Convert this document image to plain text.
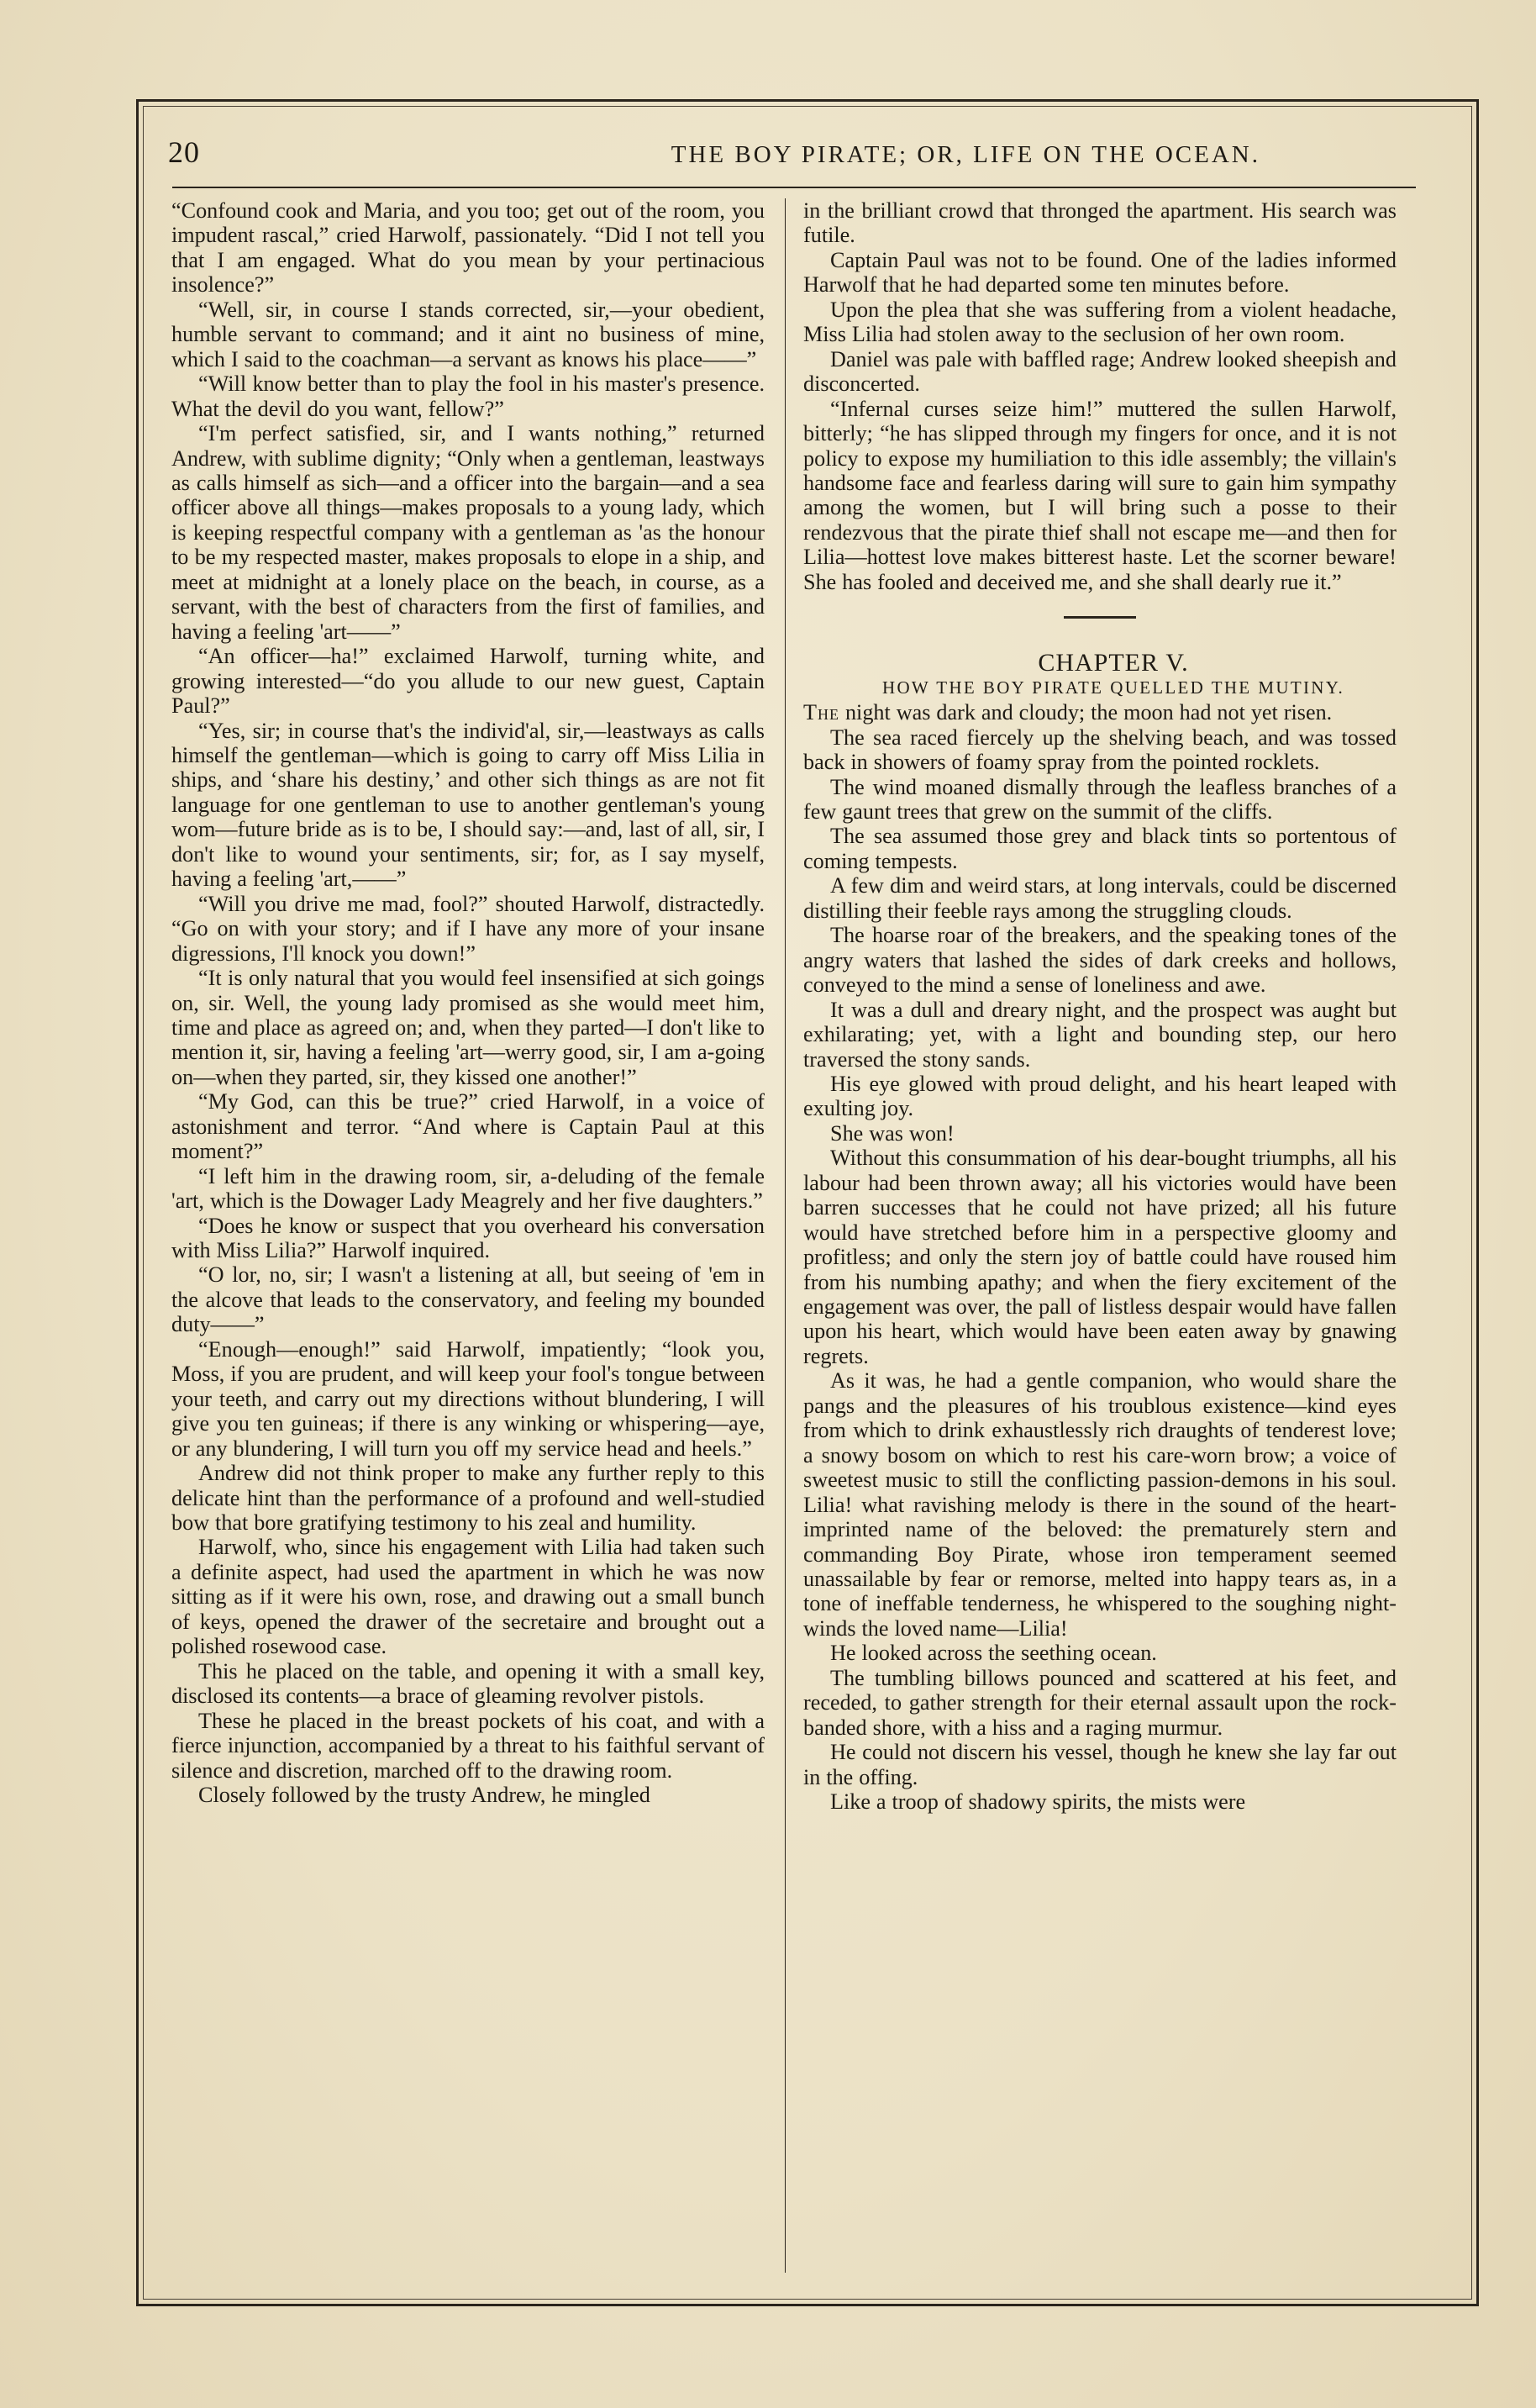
20	THE BOY PIRATE; OR, LIFE ON THE OCEAN.

“Confound cook and Maria, and you too; get out of the room, you impudent rascal,” cried Harwolf, passionately. “Did I not tell you that I am engaged. What do you mean by your pertinacious insolence?”

“Well, sir, in course I stands corrected, sir,—your obedient, humble servant to command; and it aint no business of mine, which I said to the coachman—a servant as knows his place——”

“Will know better than to play the fool in his master's presence. What the devil do you want, fellow?”

“I'm perfect satisfied, sir, and I wants nothing,” returned Andrew, with sublime dignity; “Only when a gentleman, leastways as calls himself as sich—and a officer into the bargain—and a sea officer above all things—makes proposals to a young lady, which is keeping respectful company with a gentleman as 'as the honour to be my respected master, makes proposals to elope in a ship, and meet at midnight at a lonely place on the beach, in course, as a servant, with the best of characters from the first of families, and having a feeling 'art——”

“An officer—ha!” exclaimed Harwolf, turning white, and growing interested—“do you allude to our new guest, Captain Paul?”

“Yes, sir; in course that's the individ'al, sir,—leastways as calls himself the gentleman—which is going to carry off Miss Lilia in ships, and ‘share his destiny,’ and other sich things as are not fit language for one gentleman to use to another gentleman's young wom—future bride as is to be, I should say:—and, last of all, sir, I don't like to wound your sentiments, sir; for, as I say myself, having a feeling 'art,——”

“Will you drive me mad, fool?” shouted Harwolf, distractedly. “Go on with your story; and if I have any more of your insane digressions, I'll knock you down!”

“It is only natural that you would feel insensified at sich goings on, sir. Well, the young lady promised as she would meet him, time and place as agreed on; and, when they parted—I don't like to mention it, sir, having a feeling 'art—werry good, sir, I am a-going on—when they parted, sir, they kissed one another!”

“My God, can this be true?” cried Harwolf, in a voice of astonishment and terror. “And where is Captain Paul at this moment?”

“I left him in the drawing room, sir, a-deluding of the female 'art, which is the Dowager Lady Meagrely and her five daughters.”

“Does he know or suspect that you overheard his conversation with Miss Lilia?” Harwolf inquired.

“O lor, no, sir; I wasn't a listening at all, but seeing of 'em in the alcove that leads to the conservatory, and feeling my bounded duty——”

“Enough—enough!” said Harwolf, impatiently; “look you, Moss, if you are prudent, and will keep your fool's tongue between your teeth, and carry out my directions without blundering, I will give you ten guineas; if there is any winking or whispering—aye, or any blundering, I will turn you off my service head and heels.”

Andrew did not think proper to make any further reply to this delicate hint than the performance of a profound and well-studied bow that bore gratifying testimony to his zeal and humility.

Harwolf, who, since his engagement with Lilia had taken such a definite aspect, had used the apartment in which he was now sitting as if it were his own, rose, and drawing out a small bunch of keys, opened the drawer of the secretaire and brought out a polished rosewood case.

This he placed on the table, and opening it with a small key, disclosed its contents—a brace of gleaming revolver pistols.

These he placed in the breast pockets of his coat, and with a fierce injunction, accompanied by a threat to his faithful servant of silence and discretion, marched off to the drawing room.

Closely followed by the trusty Andrew, he mingled

in the brilliant crowd that thronged the apartment. His search was futile.

Captain Paul was not to be found. One of the ladies informed Harwolf that he had departed some ten minutes before.

Upon the plea that she was suffering from a violent headache, Miss Lilia had stolen away to the seclusion of her own room.

Daniel was pale with baffled rage; Andrew looked sheepish and disconcerted.

“Infernal curses seize him!” muttered the sullen Harwolf, bitterly; “he has slipped through my fingers for once, and it is not policy to expose my humiliation to this idle assembly; the villain's handsome face and fearless daring will sure to gain him sympathy among the women, but I will bring such a posse to their rendezvous that the pirate thief shall not escape me—and then for Lilia—hottest love makes bitterest haste. Let the scorner beware! She has fooled and deceived me, and she shall dearly rue it.”

CHAPTER V.

HOW THE BOY PIRATE QUELLED THE MUTINY.

The night was dark and cloudy; the moon had not yet risen.

The sea raced fiercely up the shelving beach, and was tossed back in showers of foamy spray from the pointed rocklets.

The wind moaned dismally through the leafless branches of a few gaunt trees that grew on the summit of the cliffs.

The sea assumed those grey and black tints so portentous of coming tempests.

A few dim and weird stars, at long intervals, could be discerned distilling their feeble rays among the struggling clouds.

The hoarse roar of the breakers, and the speaking tones of the angry waters that lashed the sides of dark creeks and hollows, conveyed to the mind a sense of loneliness and awe.

It was a dull and dreary night, and the prospect was aught but exhilarating; yet, with a light and bounding step, our hero traversed the stony sands.

His eye glowed with proud delight, and his heart leaped with exulting joy.

She was won!

Without this consummation of his dear-bought triumphs, all his labour had been thrown away; all his victories would have been barren successes that he could not have prized; all his future would have stretched before him in a perspective gloomy and profitless; and only the stern joy of battle could have roused him from his numbing apathy; and when the fiery excitement of the engagement was over, the pall of listless despair would have fallen upon his heart, which would have been eaten away by gnawing regrets.

As it was, he had a gentle companion, who would share the pangs and the pleasures of his troublous existence—kind eyes from which to drink exhaustlessly rich draughts of tenderest love; a snowy bosom on which to rest his care-worn brow; a voice of sweetest music to still the conflicting passion-demons in his soul. Lilia! what ravishing melody is there in the sound of the heart-imprinted name of the beloved: the prematurely stern and commanding Boy Pirate, whose iron temperament seemed unassailable by fear or remorse, melted into happy tears as, in a tone of ineffable tenderness, he whispered to the soughing night-winds the loved name—Lilia!

He looked across the seething ocean.

The tumbling billows pounced and scattered at his feet, and receded, to gather strength for their eternal assault upon the rock-banded shore, with a hiss and a raging murmur.

He could not discern his vessel, though he knew she lay far out in the offing.

Like a troop of shadowy spirits, the mists were
